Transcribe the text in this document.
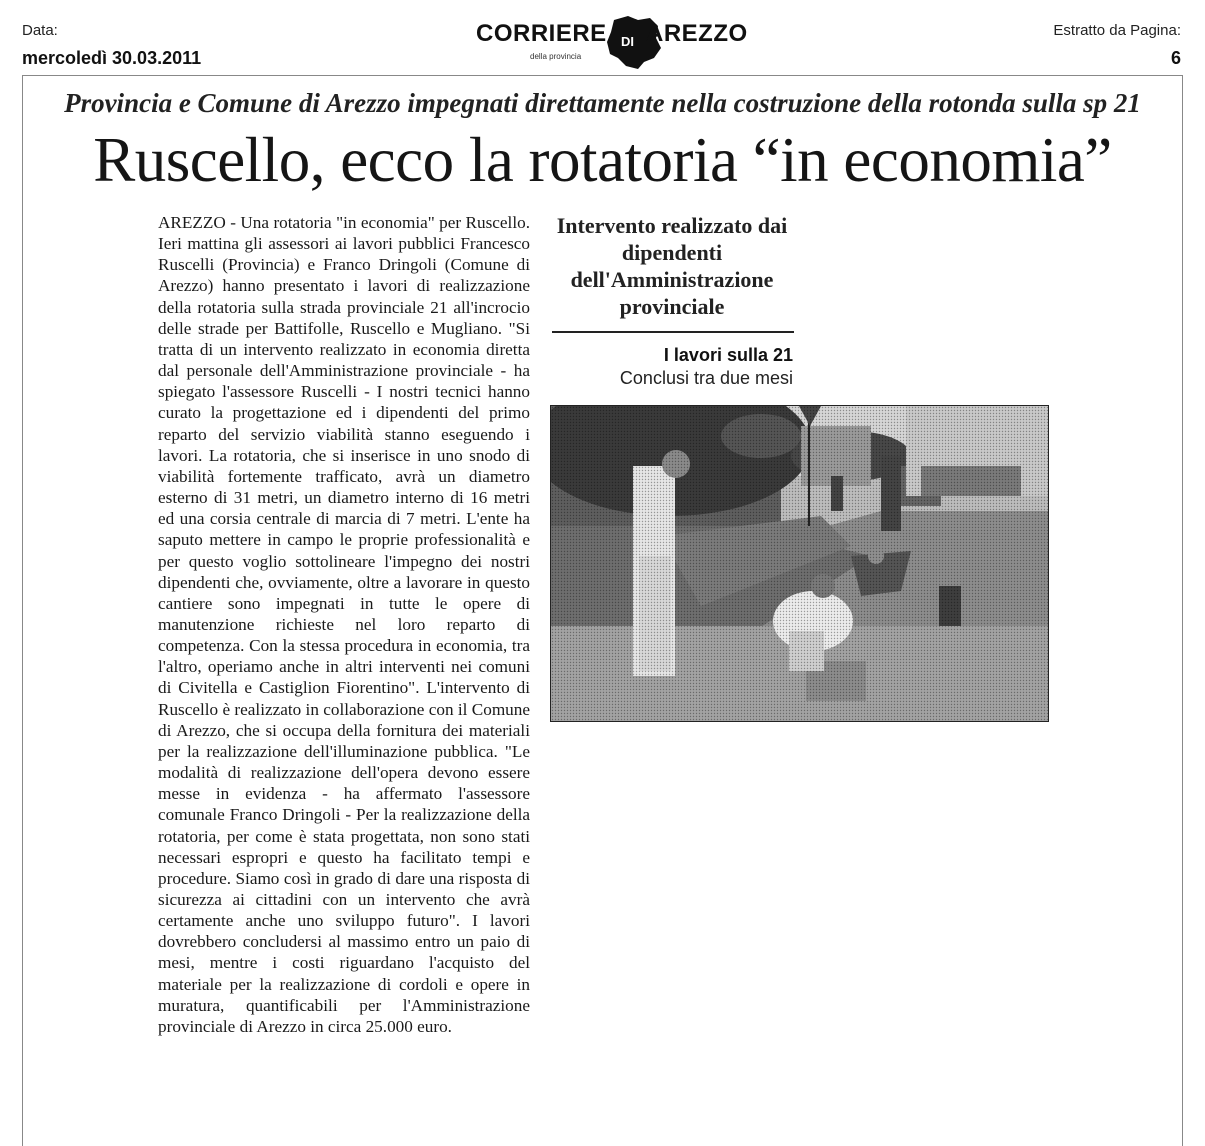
Data:
mercoledì 30.03.2011
CORRIERE DI AREZZO
della provincia
Estratto da Pagina:
6
Provincia e Comune di Arezzo impegnati direttamente nella costruzione della rotonda sulla sp 21
Ruscello, ecco la rotatoria “in economia”
AREZZO - Una rotatoria "in economia" per Ruscello. Ieri mattina gli assessori ai lavori pubblici Francesco Ruscelli (Provincia) e Franco Dringoli (Comune di Arezzo) hanno presentato i lavori di realizzazione della rotatoria sulla strada provinciale 21 all'incrocio delle strade per Battifolle, Ruscello e Mugliano. "Si tratta di un intervento realizzato in economia diretta dal personale dell'Amministrazione provinciale - ha spiegato l'assessore Ruscelli - I nostri tecnici hanno curato la progettazione ed i dipendenti del primo reparto del servizio viabilità stanno eseguendo i lavori. La rotatoria, che si inserisce in uno snodo di viabilità fortemente trafficato, avrà un diametro esterno di 31 metri, un diametro interno di 16 metri ed una corsia centrale di marcia di 7 metri. L'ente ha saputo mettere in campo le proprie professionalità e per questo voglio sottolineare l'impegno dei nostri dipendenti che, ovviamente, oltre a lavorare in questo cantiere sono impegnati in tutte le opere di manutenzione richieste nel loro reparto di competenza. Con la stessa procedura in economia, tra l'altro, operiamo anche in altri interventi nei comuni di Civitella e Castiglion Fiorentino". L'intervento di Ruscello è realizzato in collaborazione con il Comune di Arezzo, che si occupa della fornitura dei materiali per la realizzazione dell'illuminazione pubblica. "Le modalità di realizzazione dell'opera devono essere messe in evidenza - ha affermato l'assessore comunale Franco Dringoli - Per la realizzazione della rotatoria, per come è stata progettata, non sono stati necessari espropri e questo ha facilitato tempi e procedure. Siamo così in grado di dare una risposta di sicurezza ai cittadini con un intervento che avrà certamente anche uno sviluppo futuro". I lavori dovrebbero concludersi al massimo entro un paio di mesi, mentre i costi riguardano l'acquisto del materiale per la realizzazione di cordoli e opere in muratura, quantificabili per l'Amministrazione provinciale di Arezzo in circa 25.000 euro.
Intervento realizzato dai dipendenti dell'Amministrazione provinciale
I lavori sulla 21
Conclusi tra due mesi
